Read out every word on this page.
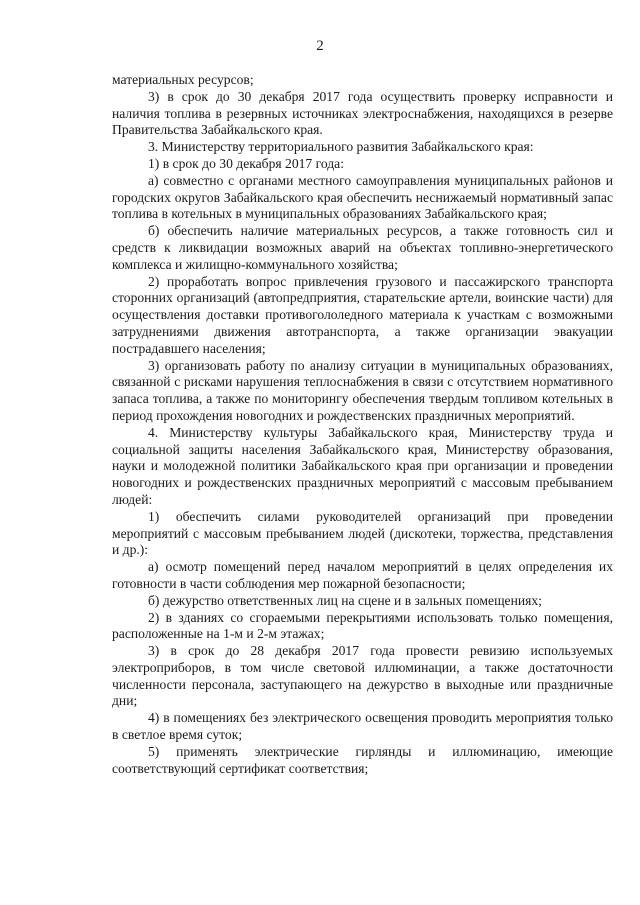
2

материальных ресурсов;

3) в срок до 30 декабря 2017 года осуществить проверку исправности и наличия топлива в резервных источниках электроснабжения, находящихся в резерве Правительства Забайкальского края.

3. Министерству территориального развития Забайкальского края:

1) в срок до 30 декабря 2017 года:

а) совместно с органами местного самоуправления муниципальных районов и городских округов Забайкальского края обеспечить неснижаемый нормативный запас топлива в котельных в муниципальных образованиях Забайкальского края;

б) обеспечить наличие материальных ресурсов, а также готовность сил и средств к ликвидации возможных аварий на объектах топливно-энергетического комплекса и жилищно-коммунального хозяйства;

2) проработать вопрос привлечения грузового и пассажирского транспорта сторонних организаций (автопредприятия, старательские артели, воинские части) для осуществления доставки противогололедного материала к участкам с возможными затруднениями движения автотранспорта, а также организации эвакуации пострадавшего населения;

3) организовать работу по анализу ситуации в муниципальных образованиях, связанной с рисками нарушения теплоснабжения в связи с отсутствием нормативного запаса топлива, а также по мониторингу обеспечения твердым топливом котельных в период прохождения новогодних и рождественских праздничных мероприятий.

4. Министерству культуры Забайкальского края, Министерству труда и социальной защиты населения Забайкальского края, Министерству образования, науки и молодежной политики Забайкальского края при организации и проведении новогодних и рождественских праздничных мероприятий с массовым пребыванием людей:

1) обеспечить силами руководителей организаций при проведении мероприятий с массовым пребыванием людей (дискотеки, торжества, представления и др.):

а) осмотр помещений перед началом мероприятий в целях определения их готовности в части соблюдения мер пожарной безопасности;

б) дежурство ответственных лиц на сцене и в зальных помещениях;

2) в зданиях со сгораемыми перекрытиями использовать только помещения, расположенные на 1-м и 2-м этажах;

3) в срок до 28 декабря 2017 года провести ревизию используемых электроприборов, в том числе световой иллюминации, а также достаточности численности персонала, заступающего на дежурство в выходные или праздничные дни;

4) в помещениях без электрического освещения проводить мероприятия только в светлое время суток;

5) применять электрические гирлянды и иллюминацию, имеющие соответствующий сертификат соответствия;
